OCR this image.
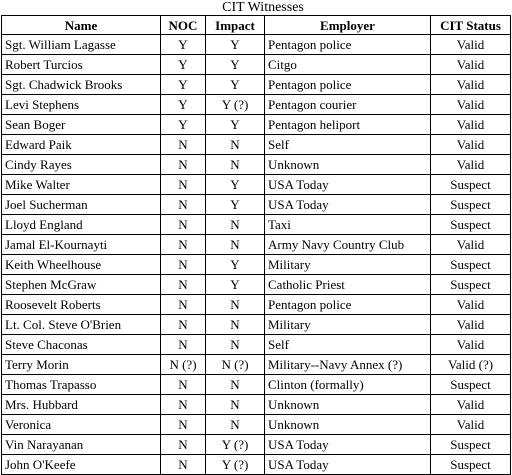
CIT Witnesses
Name	NOC	Impact	Employer	CIT Status
Sgt. William Lagasse	Y	Y	Pentagon police	Valid
Robert Turcios	Y	Y	Citgo	Valid
Sgt. Chadwick Brooks	Y	Y	Pentagon police	Valid
Levi Stephens	Y	Y (?)	Pentagon courier	Valid
Sean Boger	Y	Y	Pentagon heliport	Valid
Edward Paik	N	N	Self	Valid
Cindy Rayes	N	N	Unknown	Valid
Mike Walter	N	Y	USA Today	Suspect
Joel Sucherman	N	Y	USA Today	Suspect
Lloyd England	N	N	Taxi	Suspect
Jamal El-Kournayti	N	N	Army Navy Country Club	Valid
Keith Wheelhouse	N	Y	Military	Suspect
Stephen McGraw	N	Y	Catholic Priest	Suspect
Roosevelt Roberts	N	N	Pentagon police	Valid
Lt. Col. Steve O'Brien	N	N	Military	Valid
Steve Chaconas	N	N	Self	Valid
Terry Morin	N (?)	N (?)	Military--Navy Annex (?)	Valid (?)
Thomas Trapasso	N	N	Clinton (formally)	Suspect
Mrs. Hubbard	N	N	Unknown	Valid
Veronica	N	N	Unknown	Valid
Vin Narayanan	N	Y (?)	USA Today	Suspect
John O'Keefe	N	Y (?)	USA Today	Suspect
